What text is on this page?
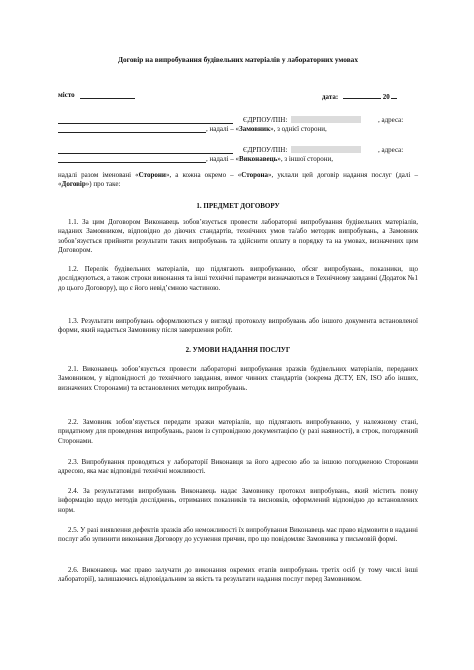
Договір на випробування будівельних матеріалів у лабораторних умовах
місто	дата:	20
ЄДРПОУ/ПІН:	, адреса:
, надалі – «Замовник», з однієї сторони,
ЄДРПОУ/ПІН:	, адреса:
, надалі – «Виконавець», з іншої сторони,
надалі разом іменовані «Сторони», а кожна окремо – «Сторона», уклали цей договір надання послуг (далі – «Договір») про таке:
1. ПРЕДМЕТ ДОГОВОРУ
1.1. За цим Договором Виконавець зобов’язується провести лабораторні випробування будівельних матеріалів, наданих Замовником, відповідно до діючих стандартів, технічних умов та/або методик випробувань, а Замовник зобов’язується прийняти результати таких випробувань та здійснити оплату в порядку та на умовах, визначених цим Договором.
1.2. Перелік будівельних матеріалів, що підлягають випробуванню, обсяг випробувань, показники, що досліджуються, а також строки виконання та інші технічні параметри визначаються в Технічному завданні (Додаток №1 до цього Договору), що є його невід’ємною частиною.
1.3. Результати випробувань оформлюються у вигляді протоколу випробувань або іншого документа встановленої форми, який надається Замовнику після завершення робіт.
2. УМОВИ НАДАННЯ ПОСЛУГ
2.1. Виконавець зобов’язується провести лабораторні випробування зразків будівельних матеріалів, переданих Замовником, у відповідності до технічного завдання, вимог чинних стандартів (зокрема ДСТУ, EN, ISO або інших, визначених Сторонами) та встановлених методик випробувань.
2.2. Замовник зобов’язується передати зразки матеріалів, що підлягають випробуванню, у належному стані, придатному для проведення випробувань, разом із супровідною документацією (у разі наявності), в строк, погоджений Сторонами.
2.3. Випробування проводяться у лабораторії Виконавця за його адресою або за іншою погодженою Сторонами адресою, яка має відповідні технічні можливості.
2.4. За результатами випробувань Виконавець надає Замовнику протокол випробувань, який містить повну інформацію щодо методів досліджень, отриманих показників та висновків, оформлений відповідно до встановлених норм.
2.5. У разі виявлення дефектів зразків або неможливості їх випробування Виконавець має право відмовити в наданні послуг або зупинити виконання Договору до усунення причин, про що повідомляє Замовника у письмовій формі.
2.6. Виконавець має право залучати до виконання окремих етапів випробувань третіх осіб (у тому числі інші лабораторії), залишаючись відповідальним за якість та результати надання послуг перед Замовником.
